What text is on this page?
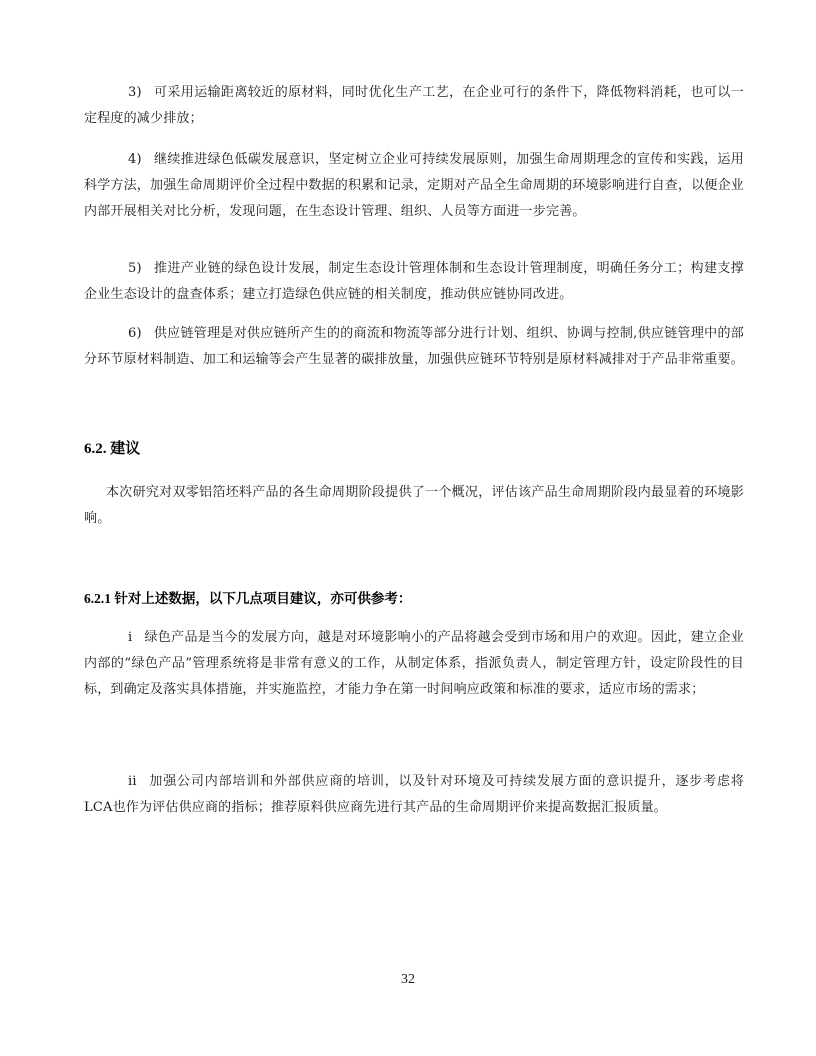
3) 可采用运输距离较近的原材料，同时优化生产工艺，在企业可行的条件下，降低物料消耗，也可以一定程度的减少排放；

4) 继续推进绿色低碳发展意识，坚定树立企业可持续发展原则，加强生命周期理念的宣传和实践，运用科学方法，加强生命周期评价全过程中数据的积累和记录，定期对产品全生命周期的环境影响进行自查，以便企业内部开展相关对比分析，发现问题，在生态设计管理、组织、人员等方面进一步完善。

5) 推进产业链的绿色设计发展，制定生态设计管理体制和生态设计管理制度，明确任务分工；构建支撑企业生态设计的盘查体系；建立打造绿色供应链的相关制度，推动供应链协同改进。

6) 供应链管理是对供应链所产生的的商流和物流等部分进行计划、组织、协调与控制,供应链管理中的部分环节原材料制造、加工和运输等会产生显著的碳排放量，加强供应链环节特别是原材料减排对于产品非常重要。

6.2. 建议

本次研究对双零铝箔坯料产品的各生命周期阶段提供了一个概况，评估该产品生命周期阶段内最显着的环境影响。

6.2.1 针对上述数据，以下几点项目建议，亦可供参考：

i 绿色产品是当今的发展方向，越是对环境影响小的产品将越会受到市场和用户的欢迎。因此，建立企业内部的“绿色产品”管理系统将是非常有意义的工作，从制定体系，指派负责人，制定管理方针，设定阶段性的目标，到确定及落实具体措施，并实施监控，才能力争在第一时间响应政策和标准的要求，适应市场的需求；

ii 加强公司内部培训和外部供应商的培训，以及针对环境及可持续发展方面的意识提升，逐步考虑将LCA也作为评估供应商的指标；推荐原料供应商先进行其产品的生命周期评价来提高数据汇报质量。

32
